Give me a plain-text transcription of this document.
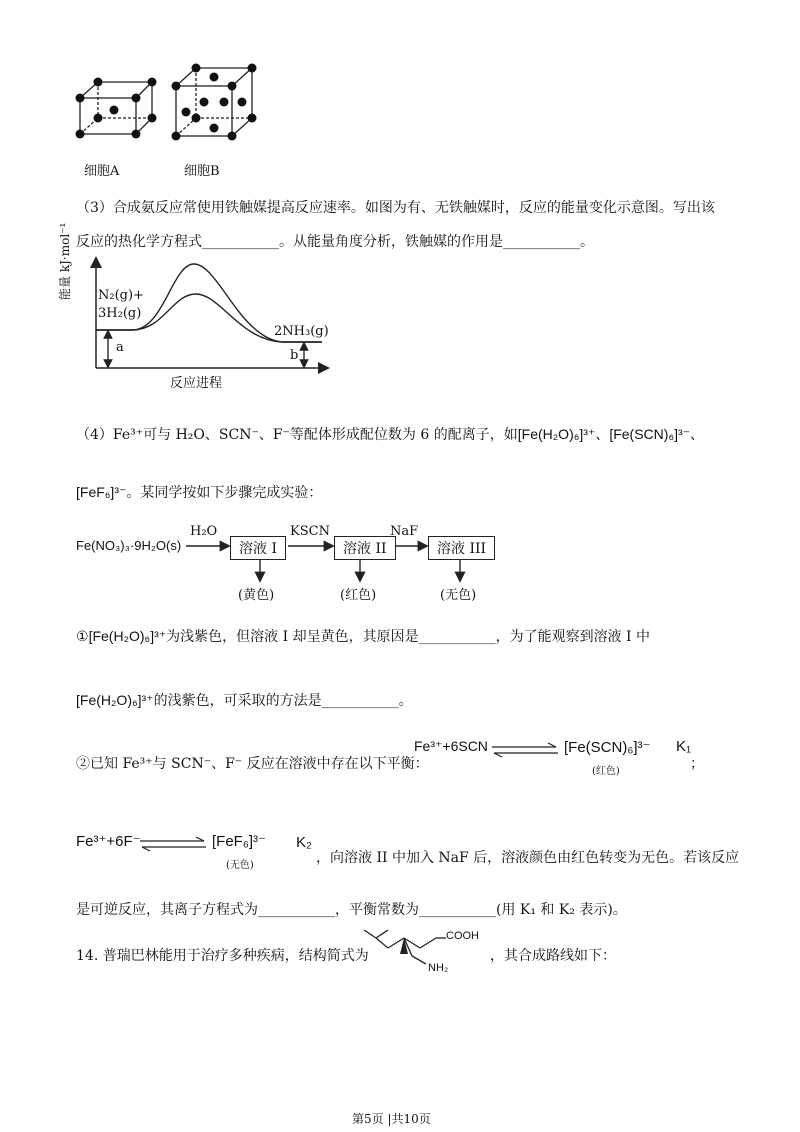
细胞A	细胞B
（3）合成氨反应常使用铁触媒提高反应速率。如图为有、无铁触媒时，反应的能量变化示意图。写出该
反应的热化学方程式___________。从能量角度分析，铁触媒的作用是___________。
能量 kJ·mol⁻¹ N₂(g)+
3H₂(g)
2NH₃(g)
a
b
反应进程
（4）Fe³⁺可与 H₂O、SCN⁻、F⁻等配体形成配位数为 6 的配离子，如[Fe(H₂O)₆]³⁺、[Fe(SCN)₆]³⁻、
[FeF₆]³⁻。某同学按如下步骤完成实验：
Fe(NO₃)₃·9H₂O(s)
H₂O
溶液 I
KSCN
溶液 II
NaF
溶液 III
(黄色)	(红色)	(无色)
①[Fe(H₂O)₆]³⁺为浅紫色，但溶液 I 却呈黄色，其原因是___________，为了能观察到溶液 I 中
[Fe(H₂O)₆]³⁺的浅紫色，可采取的方法是___________。
②已知 Fe³⁺与 SCN⁻、F⁻ 反应在溶液中存在以下平衡：
Fe³⁺+6SCN	[Fe(SCN)₆]³⁻
(红色)
K₁
；
Fe³⁺+6F⁻	[FeF₆]³⁻
(无色)
K₂
，向溶液 II 中加入 NaF 后，溶液颜色由红色转变为无色。若该反应
是可逆反应，其离子方程式为___________，平衡常数为___________(用 K₁ 和 K₂ 表示)。
14. 普瑞巴林能用于治疗多种疾病，结构简式为
COOH
NH₂
，其合成路线如下：
第5页 |共10页
